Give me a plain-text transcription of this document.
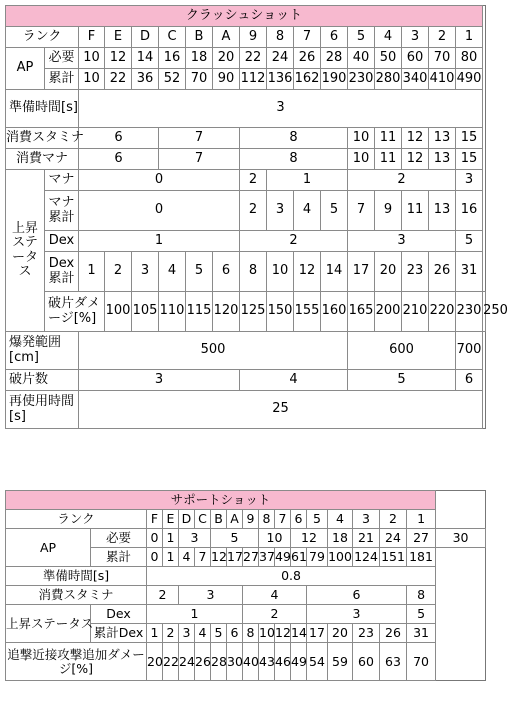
クラッシュショット																	
ランク		F	E	D	C	B	A	9	8	7	6	5	4	3	2	1	
AP	必要	10	12	14	16	18	20	22	24	26	28	40	50	60	70	80	
	累計	10	22	36	52	70	90	112	136	162	190	230	280	340	410	490	
準備時間[s]		3															
消費スタミナ		6			7			8				10	11	12	13	15	
消費マナ		6			7			8				10	11	12	13	15	
上昇ステータス	マナ	0						2	1			2				3	
	マナ累計	0						2	3	4	5	7	9	11	13	16	
	Dex	1						2				3				5	
	Dex累計	1	2	3	4	5	6	8	10	12	14	17	20	23	26	31	
	破片ダメージ[%]		100	105	110	115	120	125	150	155	160	165	200	210	220	230	250
爆発範囲[cm]		500										600				700	
破片数		3						4				5				6	
再使用時間[s]		25															
サポートショット																	
ランク		F	E	D	C	B	A	9	8	7	6	5	4	3	2	1	
AP	必要	0	1	3		5			10		12		18	21	24	27	30
	累計	0	1	4	7	12	17	27	37	49	61	79	100	124	151	181	
準備時間[s]		0.8															
消費スタミナ		2		3				4				6				8	
上昇ステータス	Dex	1						2				3				5	
	累計Dex	1	2	3	4	5	6	8	10	12	14	17	20	23	26	31	
追撃近接攻撃追加ダメージ[%]		20	22	24	26	28	30	40	43	46	49	54	59	60	63	70	
